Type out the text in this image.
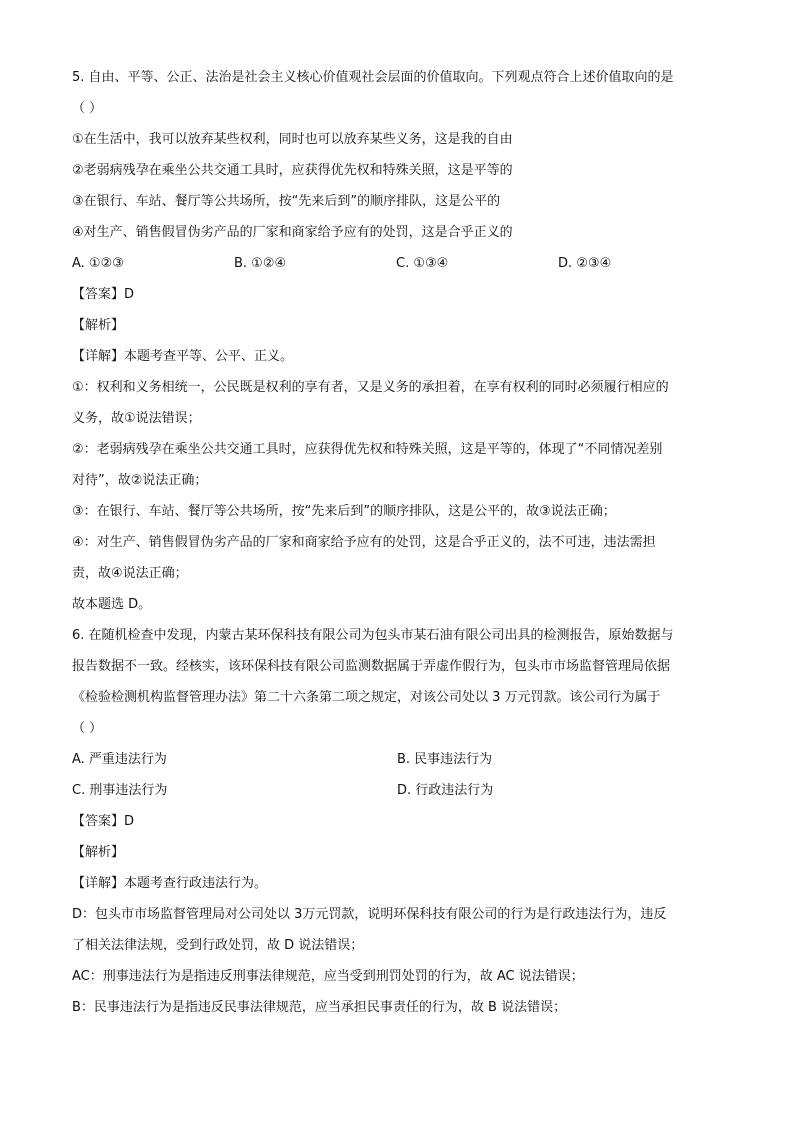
5. 自由、平等、公正、法治是社会主义核心价值观社会层面的价值取向。下列观点符合上述价值取向的是
（ ）
①在生活中，我可以放弃某些权利，同时也可以放弃某些义务，这是我的自由
②老弱病残孕在乘坐公共交通工具时，应获得优先权和特殊关照，这是平等的
③在银行、车站、餐厅等公共场所，按“先来后到”的顺序排队，这是公平的
④对生产、销售假冒伪劣产品的厂家和商家给予应有的处罚，这是合乎正义的
A. ①②③	B. ①②④	C. ①③④	D. ②③④
【答案】D
【解析】
【详解】本题考查平等、公平、正义。
①：权利和义务相统一，公民既是权利的享有者，又是义务的承担着，在享有权利的同时必须履行相应的
义务，故①说法错误；
②：老弱病残孕在乘坐公共交通工具时，应获得优先权和特殊关照，这是平等的，体现了“不同情况差别
对待”，故②说法正确；
③：在银行、车站、餐厅等公共场所，按“先来后到”的顺序排队，这是公平的，故③说法正确；
④：对生产、销售假冒伪劣产品的厂家和商家给予应有的处罚，这是合乎正义的，法不可违，违法需担
责，故④说法正确；
故本题选 D。
6. 在随机检查中发现，内蒙古某环保科技有限公司为包头市某石油有限公司出具的检测报告，原始数据与
报告数据不一致。经核实，该环保科技有限公司监测数据属于弄虚作假行为，包头市市场监督管理局依据
《检验检测机构监督管理办法》第二十六条第二项之规定，对该公司处以 3 万元罚款。该公司行为属于
（ ）
A. 严重违法行为	B. 民事违法行为
C. 刑事违法行为	D. 行政违法行为
【答案】D
【解析】
【详解】本题考查行政违法行为。
D：包头市市场监督管理局对公司处以 3万元罚款，说明环保科技有限公司的行为是行政违法行为，违反
了相关法律法规，受到行政处罚，故 D 说法错误；
AC：刑事违法行为是指违反刑事法律规范，应当受到刑罚处罚的行为，故 AC 说法错误；
B：民事违法行为是指违反民事法律规范，应当承担民事责任的行为，故 B 说法错误；
